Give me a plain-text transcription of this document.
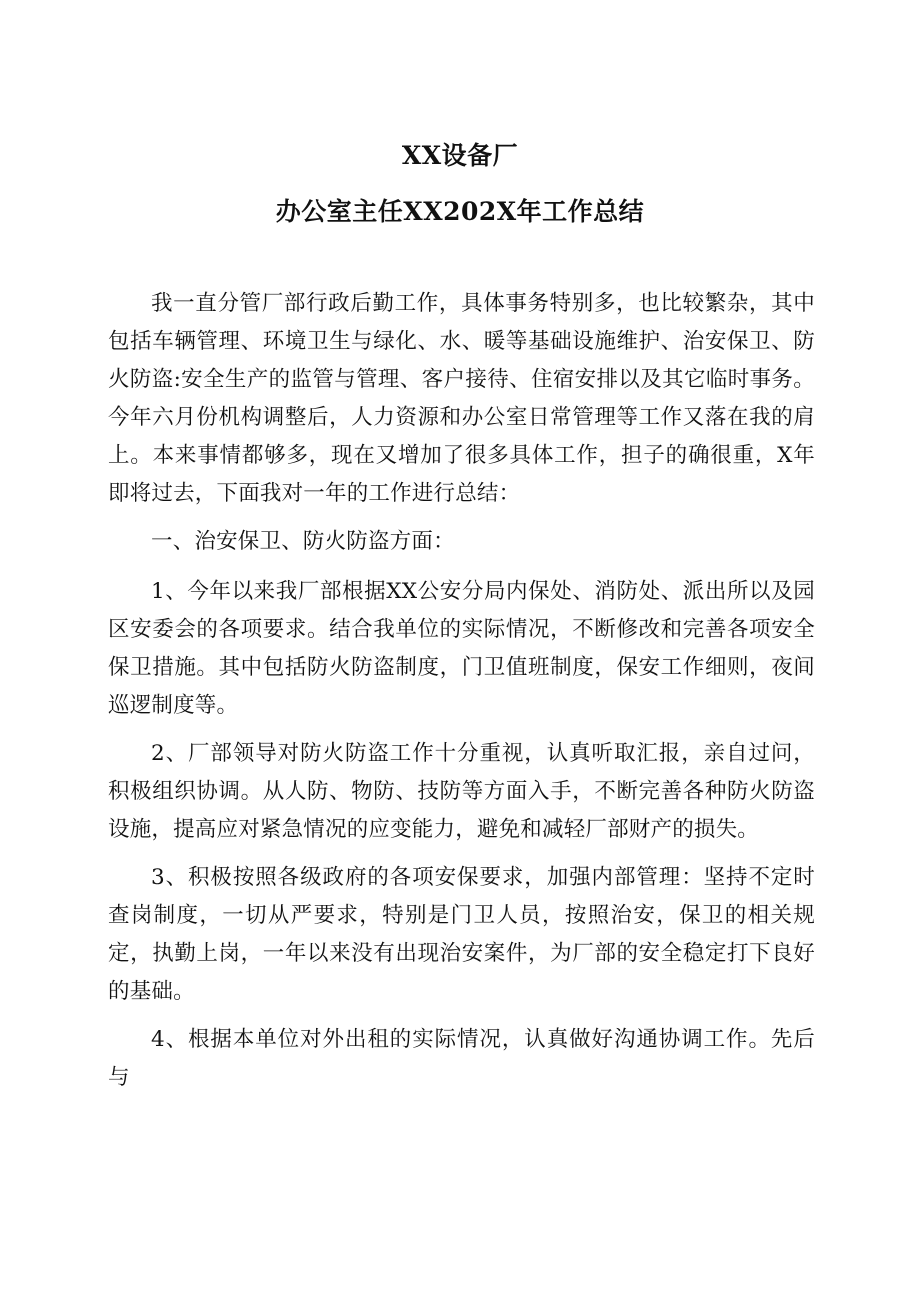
XX设备厂
办公室主任XX202X年工作总结

我一直分管厂部行政后勤工作，具体事务特别多，也比较繁杂，其中包括车辆管理、环境卫生与绿化、水、暖等基础设施维护、治安保卫、防火防盗:安全生产的监管与管理、客户接待、住宿安排以及其它临时事务。今年六月份机构调整后，人力资源和办公室日常管理等工作又落在我的肩上。本来事情都够多，现在又增加了很多具体工作，担子的确很重，X年即将过去，下面我对一年的工作进行总结：

一、治安保卫、防火防盗方面：

1、今年以来我厂部根据XX公安分局内保处、消防处、派出所以及园区安委会的各项要求。结合我单位的实际情况，不断修改和完善各项安全保卫措施。其中包括防火防盗制度，门卫值班制度，保安工作细则，夜间巡逻制度等。

2、厂部领导对防火防盗工作十分重视，认真听取汇报，亲自过问，积极组织协调。从人防、物防、技防等方面入手，不断完善各种防火防盗设施，提高应对紧急情况的应变能力，避免和减轻厂部财产的损失。

3、积极按照各级政府的各项安保要求，加强内部管理：坚持不定时查岗制度，一切从严要求，特别是门卫人员，按照治安，保卫的相关规定，执勤上岗，一年以来没有出现治安案件，为厂部的安全稳定打下良好的基础。

4、根据本单位对外出租的实际情况，认真做好沟通协调工作。先后与
